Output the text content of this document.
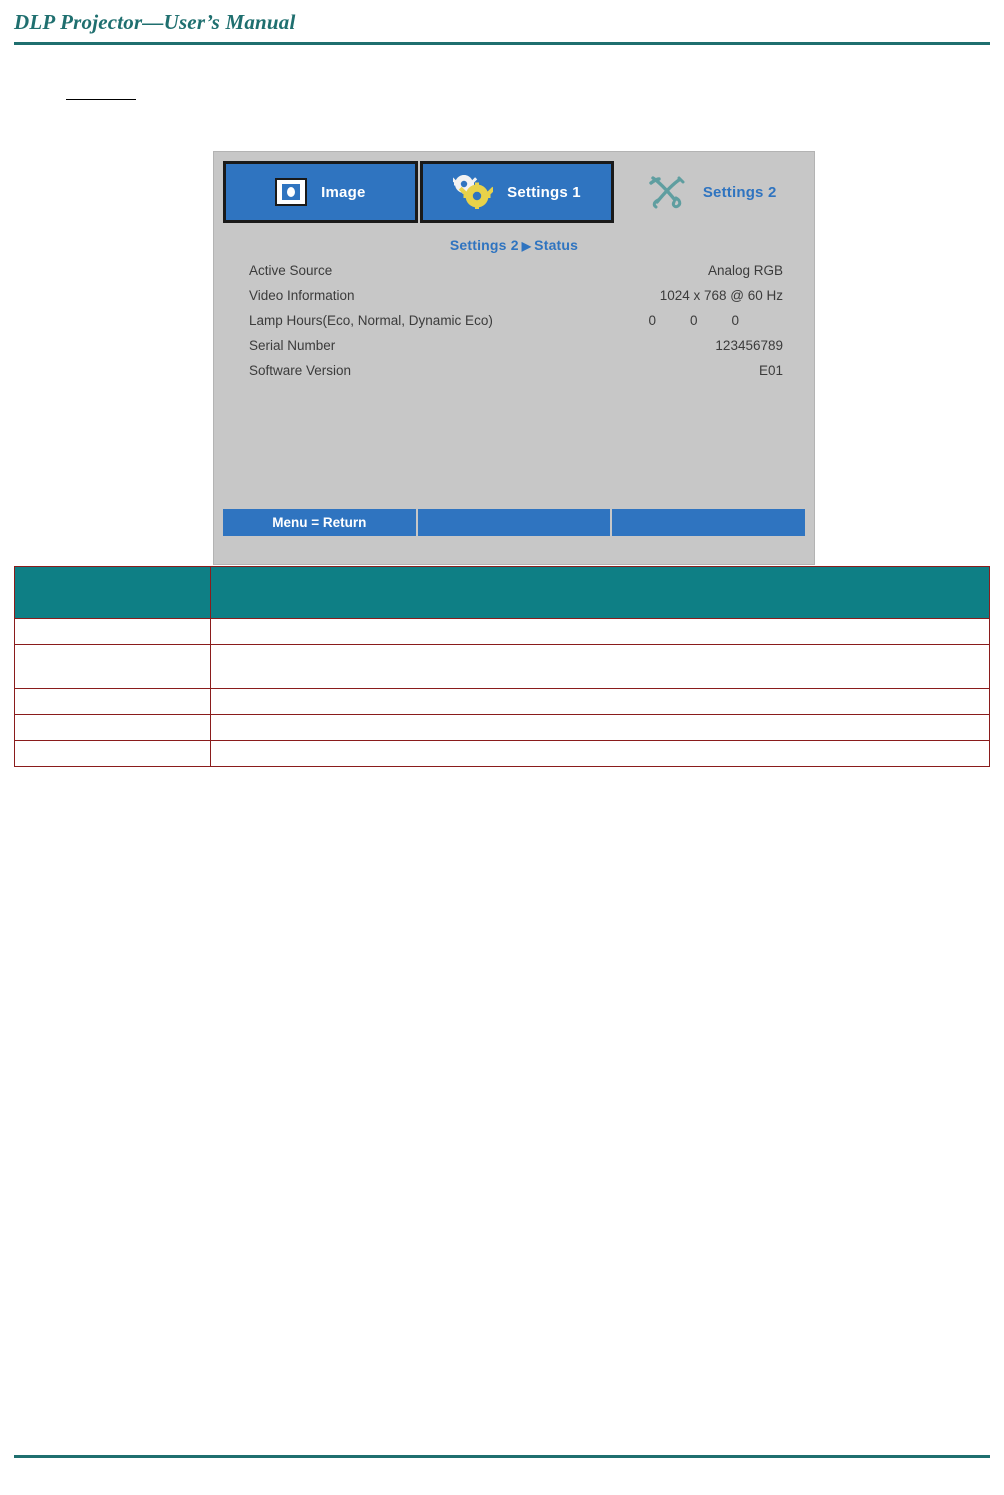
DLP Projector—User’s Manual
Image	Settings 1	Settings 2
Settings 2 ▶ Status
Active Source	Analog RGB
Video Information	1024 x 768 @ 60 Hz
Lamp Hours(Eco, Normal, Dynamic Eco)	0	0	0
Serial Number	123456789
Software Version	E01
Menu = Return
